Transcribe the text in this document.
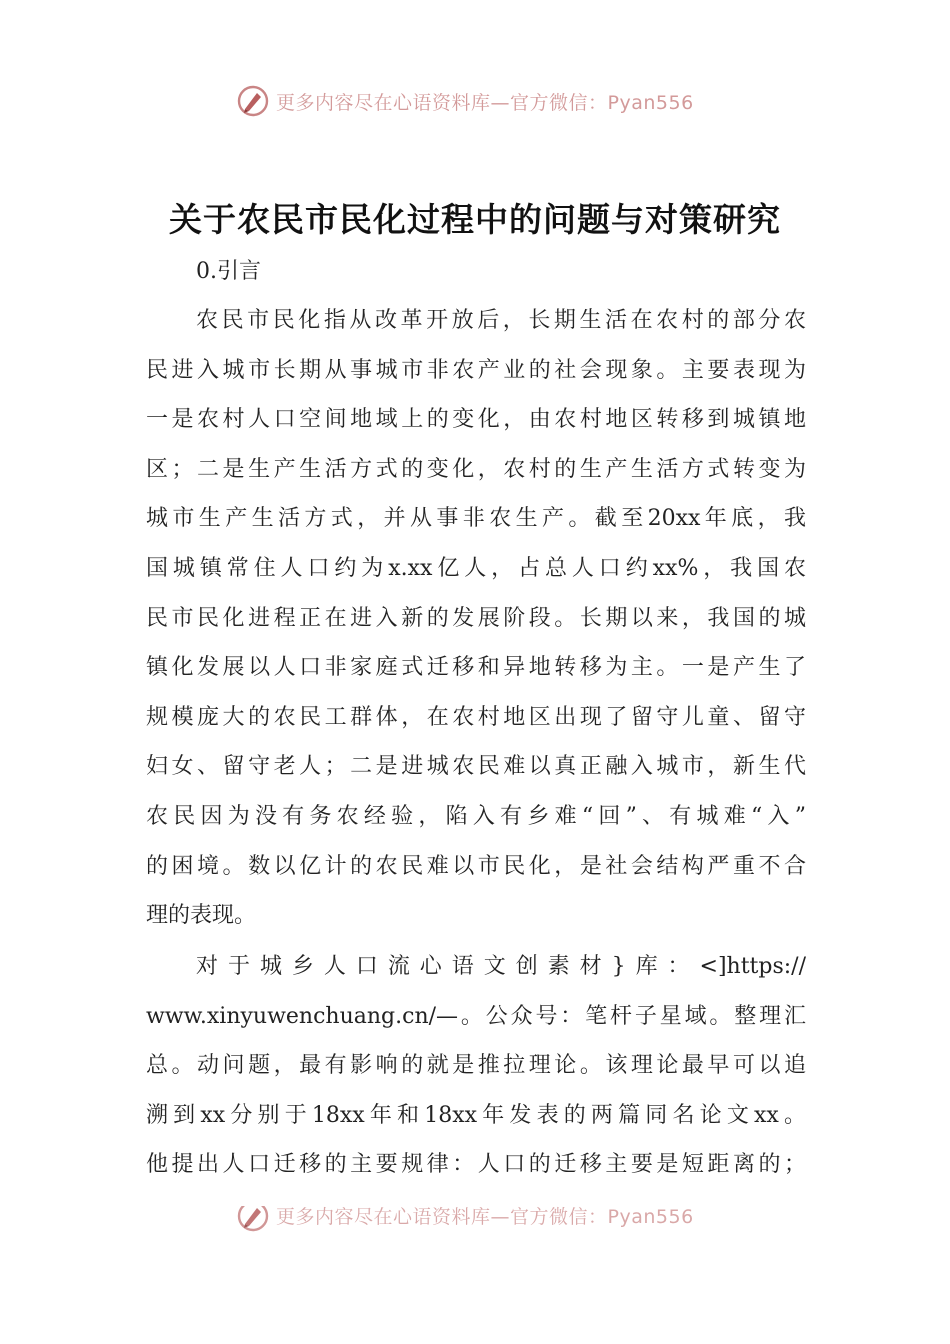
更多内容尽在心语资料库—官方微信：Pyan556
关于农民市民化过程中的问题与对策研究
0.引言
农民市民化指从改革开放后，长期生活在农村的部分农
民进入城市长期从事城市非农产业的社会现象。主要表现为
一是农村人口空间地域上的变化，由农村地区转移到城镇地
区；二是生产生活方式的变化，农村的生产生活方式转变为
城市生产生活方式，并从事非农生产。截至20xx年底，我
国城镇常住人口约为x.xx亿人，占总人口约xx%，我国农
民市民化进程正在进入新的发展阶段。长期以来，我国的城
镇化发展以人口非家庭式迁移和异地转移为主。一是产生了
规模庞大的农民工群体，在农村地区出现了留守儿童、留守
妇女、留守老人；二是进城农民难以真正融入城市，新生代
农民因为没有务农经验，陷入有乡难“回”、有城难“入”
的困境。数以亿计的农民难以市民化，是社会结构严重不合
理的表现。
对于城乡人口流心语文创素材}库：<]https://
www.xinyuwenchuang.cn/—。公众号：笔杆子星域。整理汇
总。动问题，最有影响的就是推拉理论。该理论最早可以追
溯到xx分别于18xx年和18xx年发表的两篇同名论文xx。
他提出人口迁移的主要规律：人口的迁移主要是短距离的；
更多内容尽在心语资料库—官方微信：Pyan556
